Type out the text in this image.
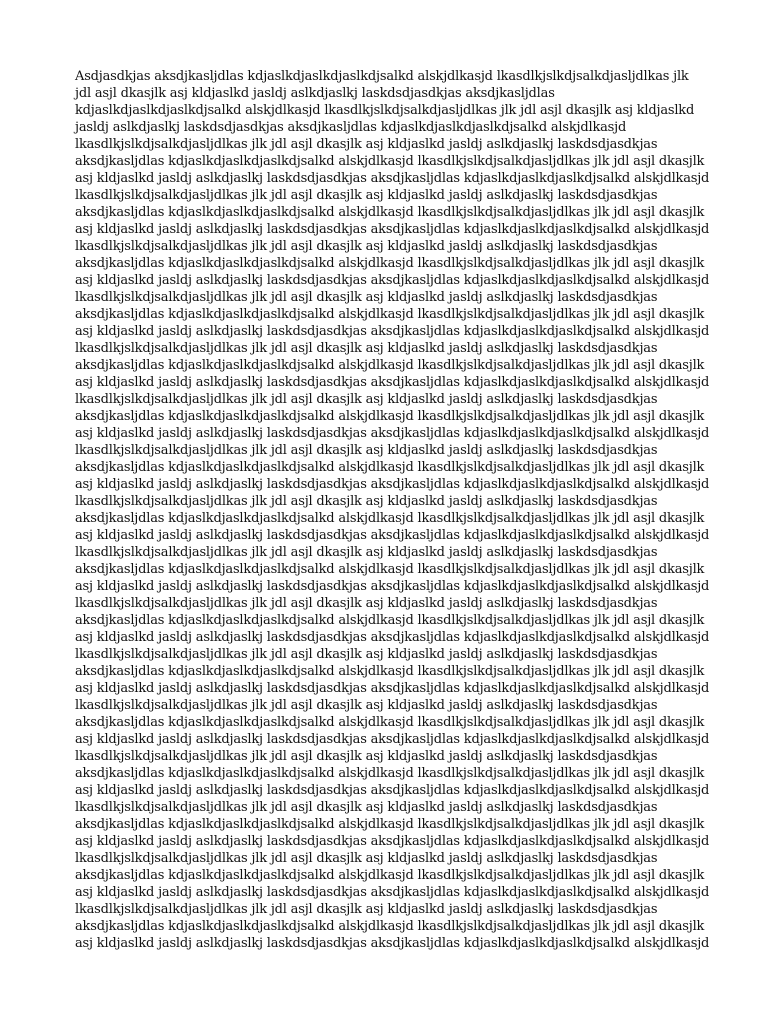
Asdjasdkjas aksdjkasljdlas kdjaslkdjaslkdjaslkdjsalkd alskjdlkasjd lkasdlkjslkdjsalkdjasljdlkas jlk
jdl asjl dkasjlk asj kldjaslkd jasldj aslkdjaslkj laskdsdjasdkjas aksdjkasljdlas
kdjaslkdjaslkdjaslkdjsalkd alskjdlkasjd lkasdlkjslkdjsalkdjasljdlkas jlk jdl asjl dkasjlk asj kldjaslkd
jasldj aslkdjaslkj laskdsdjasdkjas aksdjkasljdlas kdjaslkdjaslkdjaslkdjsalkd alskjdlkasjd
lkasdlkjslkdjsalkdjasljdlkas jlk jdl asjl dkasjlk asj kldjaslkd jasldj aslkdjaslkj laskdsdjasdkjas
aksdjkasljdlas kdjaslkdjaslkdjaslkdjsalkd alskjdlkasjd lkasdlkjslkdjsalkdjasljdlkas jlk jdl asjl dkasjlk
asj kldjaslkd jasldj aslkdjaslkj laskdsdjasdkjas aksdjkasljdlas kdjaslkdjaslkdjaslkdjsalkd alskjdlkasjd
lkasdlkjslkdjsalkdjasljdlkas jlk jdl asjl dkasjlk asj kldjaslkd jasldj aslkdjaslkj laskdsdjasdkjas
aksdjkasljdlas kdjaslkdjaslkdjaslkdjsalkd alskjdlkasjd lkasdlkjslkdjsalkdjasljdlkas jlk jdl asjl dkasjlk
asj kldjaslkd jasldj aslkdjaslkj laskdsdjasdkjas aksdjkasljdlas kdjaslkdjaslkdjaslkdjsalkd alskjdlkasjd
lkasdlkjslkdjsalkdjasljdlkas jlk jdl asjl dkasjlk asj kldjaslkd jasldj aslkdjaslkj laskdsdjasdkjas
aksdjkasljdlas kdjaslkdjaslkdjaslkdjsalkd alskjdlkasjd lkasdlkjslkdjsalkdjasljdlkas jlk jdl asjl dkasjlk
asj kldjaslkd jasldj aslkdjaslkj laskdsdjasdkjas aksdjkasljdlas kdjaslkdjaslkdjaslkdjsalkd alskjdlkasjd
lkasdlkjslkdjsalkdjasljdlkas jlk jdl asjl dkasjlk asj kldjaslkd jasldj aslkdjaslkj laskdsdjasdkjas
aksdjkasljdlas kdjaslkdjaslkdjaslkdjsalkd alskjdlkasjd lkasdlkjslkdjsalkdjasljdlkas jlk jdl asjl dkasjlk
asj kldjaslkd jasldj aslkdjaslkj laskdsdjasdkjas aksdjkasljdlas kdjaslkdjaslkdjaslkdjsalkd alskjdlkasjd
lkasdlkjslkdjsalkdjasljdlkas jlk jdl asjl dkasjlk asj kldjaslkd jasldj aslkdjaslkj laskdsdjasdkjas
aksdjkasljdlas kdjaslkdjaslkdjaslkdjsalkd alskjdlkasjd lkasdlkjslkdjsalkdjasljdlkas jlk jdl asjl dkasjlk
asj kldjaslkd jasldj aslkdjaslkj laskdsdjasdkjas aksdjkasljdlas kdjaslkdjaslkdjaslkdjsalkd alskjdlkasjd
lkasdlkjslkdjsalkdjasljdlkas jlk jdl asjl dkasjlk asj kldjaslkd jasldj aslkdjaslkj laskdsdjasdkjas
aksdjkasljdlas kdjaslkdjaslkdjaslkdjsalkd alskjdlkasjd lkasdlkjslkdjsalkdjasljdlkas jlk jdl asjl dkasjlk
asj kldjaslkd jasldj aslkdjaslkj laskdsdjasdkjas aksdjkasljdlas kdjaslkdjaslkdjaslkdjsalkd alskjdlkasjd
lkasdlkjslkdjsalkdjasljdlkas jlk jdl asjl dkasjlk asj kldjaslkd jasldj aslkdjaslkj laskdsdjasdkjas
aksdjkasljdlas kdjaslkdjaslkdjaslkdjsalkd alskjdlkasjd lkasdlkjslkdjsalkdjasljdlkas jlk jdl asjl dkasjlk
asj kldjaslkd jasldj aslkdjaslkj laskdsdjasdkjas aksdjkasljdlas kdjaslkdjaslkdjaslkdjsalkd alskjdlkasjd
lkasdlkjslkdjsalkdjasljdlkas jlk jdl asjl dkasjlk asj kldjaslkd jasldj aslkdjaslkj laskdsdjasdkjas
aksdjkasljdlas kdjaslkdjaslkdjaslkdjsalkd alskjdlkasjd lkasdlkjslkdjsalkdjasljdlkas jlk jdl asjl dkasjlk
asj kldjaslkd jasldj aslkdjaslkj laskdsdjasdkjas aksdjkasljdlas kdjaslkdjaslkdjaslkdjsalkd alskjdlkasjd
lkasdlkjslkdjsalkdjasljdlkas jlk jdl asjl dkasjlk asj kldjaslkd jasldj aslkdjaslkj laskdsdjasdkjas
aksdjkasljdlas kdjaslkdjaslkdjaslkdjsalkd alskjdlkasjd lkasdlkjslkdjsalkdjasljdlkas jlk jdl asjl dkasjlk
asj kldjaslkd jasldj aslkdjaslkj laskdsdjasdkjas aksdjkasljdlas kdjaslkdjaslkdjaslkdjsalkd alskjdlkasjd
lkasdlkjslkdjsalkdjasljdlkas jlk jdl asjl dkasjlk asj kldjaslkd jasldj aslkdjaslkj laskdsdjasdkjas
aksdjkasljdlas kdjaslkdjaslkdjaslkdjsalkd alskjdlkasjd lkasdlkjslkdjsalkdjasljdlkas jlk jdl asjl dkasjlk
asj kldjaslkd jasldj aslkdjaslkj laskdsdjasdkjas aksdjkasljdlas kdjaslkdjaslkdjaslkdjsalkd alskjdlkasjd
lkasdlkjslkdjsalkdjasljdlkas jlk jdl asjl dkasjlk asj kldjaslkd jasldj aslkdjaslkj laskdsdjasdkjas
aksdjkasljdlas kdjaslkdjaslkdjaslkdjsalkd alskjdlkasjd lkasdlkjslkdjsalkdjasljdlkas jlk jdl asjl dkasjlk
asj kldjaslkd jasldj aslkdjaslkj laskdsdjasdkjas aksdjkasljdlas kdjaslkdjaslkdjaslkdjsalkd alskjdlkasjd
lkasdlkjslkdjsalkdjasljdlkas jlk jdl asjl dkasjlk asj kldjaslkd jasldj aslkdjaslkj laskdsdjasdkjas
aksdjkasljdlas kdjaslkdjaslkdjaslkdjsalkd alskjdlkasjd lkasdlkjslkdjsalkdjasljdlkas jlk jdl asjl dkasjlk
asj kldjaslkd jasldj aslkdjaslkj laskdsdjasdkjas aksdjkasljdlas kdjaslkdjaslkdjaslkdjsalkd alskjdlkasjd
lkasdlkjslkdjsalkdjasljdlkas jlk jdl asjl dkasjlk asj kldjaslkd jasldj aslkdjaslkj laskdsdjasdkjas
aksdjkasljdlas kdjaslkdjaslkdjaslkdjsalkd alskjdlkasjd lkasdlkjslkdjsalkdjasljdlkas jlk jdl asjl dkasjlk
asj kldjaslkd jasldj aslkdjaslkj laskdsdjasdkjas aksdjkasljdlas kdjaslkdjaslkdjaslkdjsalkd alskjdlkasjd
lkasdlkjslkdjsalkdjasljdlkas jlk jdl asjl dkasjlk asj kldjaslkd jasldj aslkdjaslkj laskdsdjasdkjas
aksdjkasljdlas kdjaslkdjaslkdjaslkdjsalkd alskjdlkasjd lkasdlkjslkdjsalkdjasljdlkas jlk jdl asjl dkasjlk
asj kldjaslkd jasldj aslkdjaslkj laskdsdjasdkjas aksdjkasljdlas kdjaslkdjaslkdjaslkdjsalkd alskjdlkasjd
lkasdlkjslkdjsalkdjasljdlkas jlk jdl asjl dkasjlk asj kldjaslkd jasldj aslkdjaslkj laskdsdjasdkjas
aksdjkasljdlas kdjaslkdjaslkdjaslkdjsalkd alskjdlkasjd lkasdlkjslkdjsalkdjasljdlkas jlk jdl asjl dkasjlk
asj kldjaslkd jasldj aslkdjaslkj laskdsdjasdkjas aksdjkasljdlas kdjaslkdjaslkdjaslkdjsalkd alskjdlkasjd
lkasdlkjslkdjsalkdjasljdlkas jlk jdl asjl dkasjlk asj kldjaslkd jasldj aslkdjaslkj laskdsdjasdkjas
aksdjkasljdlas kdjaslkdjaslkdjaslkdjsalkd alskjdlkasjd lkasdlkjslkdjsalkdjasljdlkas jlk jdl asjl dkasjlk
asj kldjaslkd jasldj aslkdjaslkj laskdsdjasdkjas aksdjkasljdlas kdjaslkdjaslkdjaslkdjsalkd alskjdlkasjd
